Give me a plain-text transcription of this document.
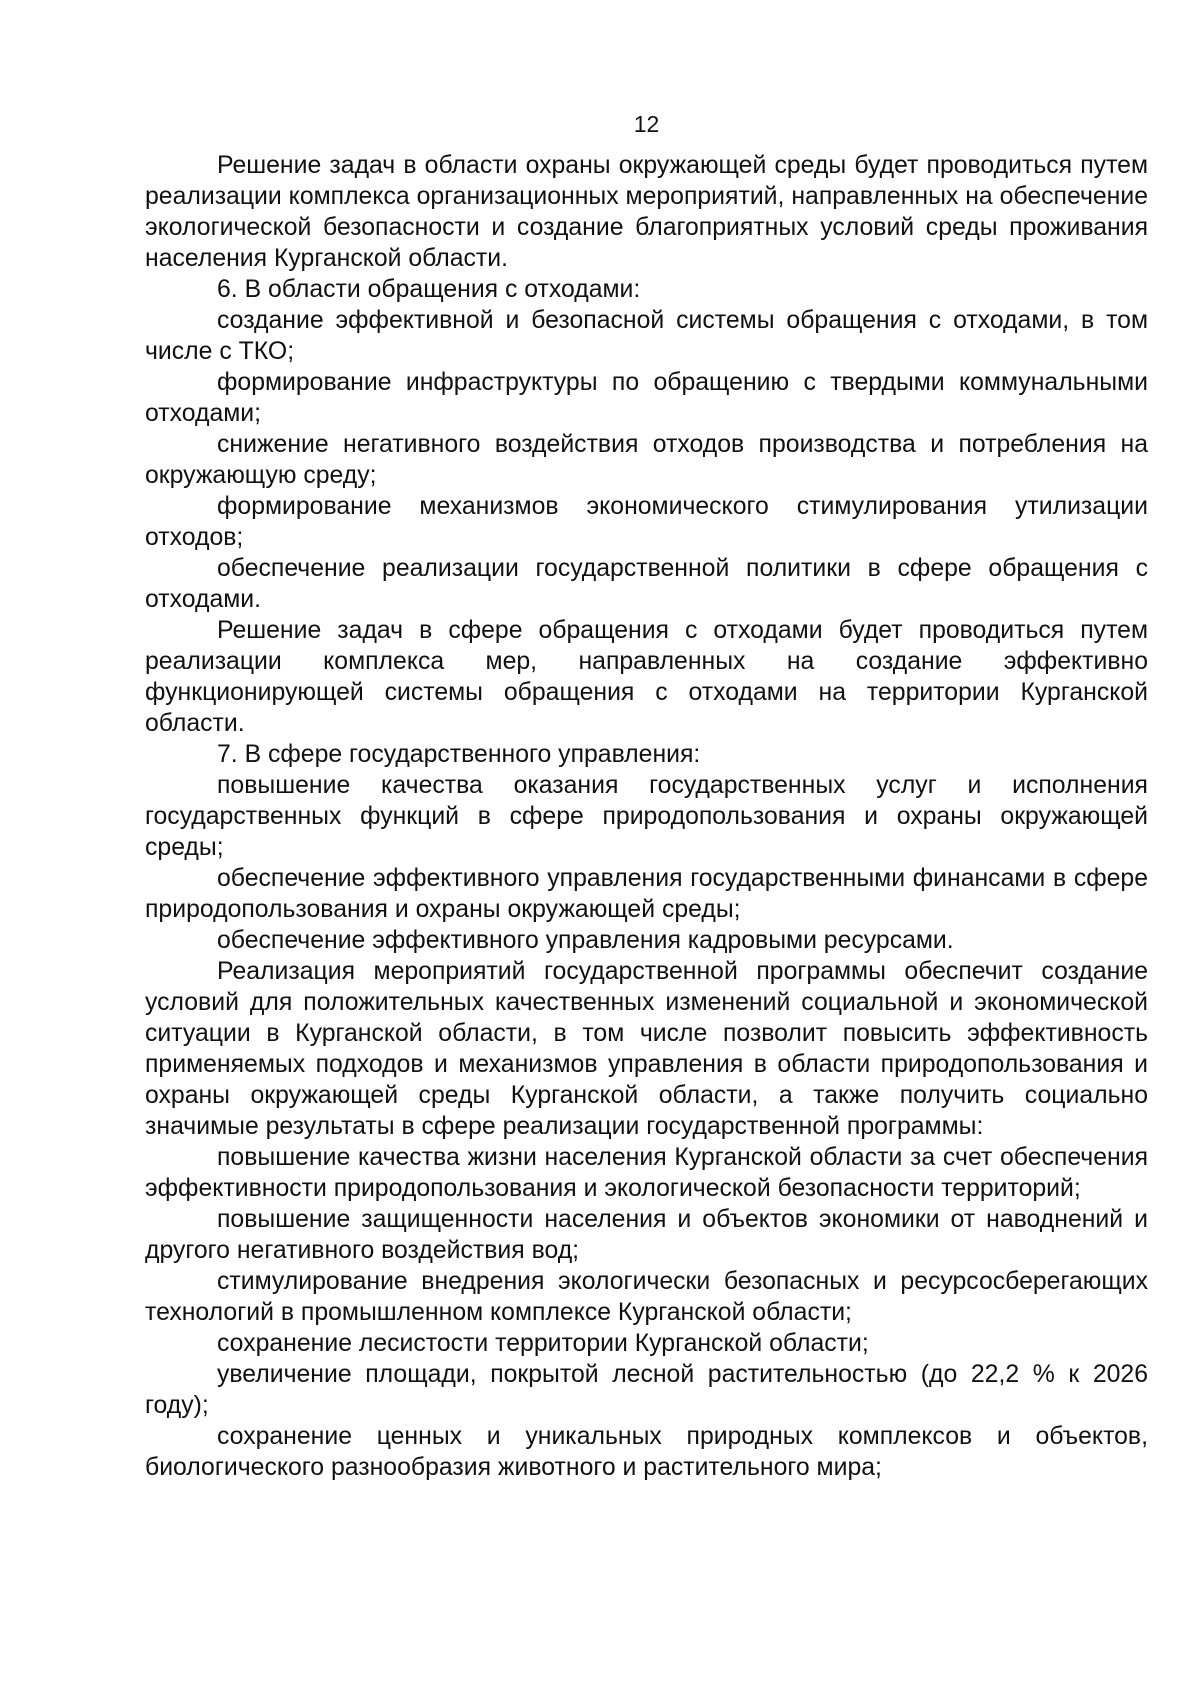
12

Решение задач в области охраны окружающей среды будет проводиться путем реализации комплекса организационных мероприятий, направленных на обеспечение экологической безопасности и создание благоприятных условий среды проживания населения Курганской области.

6. В области обращения с отходами:

создание эффективной и безопасной системы обращения с отходами, в том числе с ТКО;

формирование инфраструктуры по обращению с твердыми коммунальными отходами;

снижение негативного воздействия отходов производства и потребления на окружающую среду;

формирование механизмов экономического стимулирования утилизации отходов;

обеспечение реализации государственной политики в сфере обращения с отходами.

Решение задач в сфере обращения с отходами будет проводиться путем реализации комплекса мер, направленных на создание эффективно функционирующей системы обращения с отходами на территории Курганской области.

7. В сфере государственного управления:

повышение качества оказания государственных услуг и исполнения государственных функций в сфере природопользования и охраны окружающей среды;

обеспечение эффективного управления государственными финансами в сфере природопользования и охраны окружающей среды;

обеспечение эффективного управления кадровыми ресурсами.

Реализация мероприятий государственной программы обеспечит создание условий для положительных качественных изменений социальной и экономической ситуации в Курганской области, в том числе позволит повысить эффективность применяемых подходов и механизмов управления в области природопользования и охраны окружающей среды Курганской области, а также получить социально значимые результаты в сфере реализации государственной программы:

повышение качества жизни населения Курганской области за счет обеспечения эффективности природопользования и экологической безопасности территорий;

повышение защищенности населения и объектов экономики от наводнений и другого негативного воздействия вод;

стимулирование внедрения экологически безопасных и ресурсосберегающих технологий в промышленном комплексе Курганской области;

сохранение лесистости территории Курганской области;

увеличение площади, покрытой лесной растительностью (до 22,2 % к 2026 году);

сохранение ценных и уникальных природных комплексов и объектов, биологического разнообразия животного и растительного мира;
